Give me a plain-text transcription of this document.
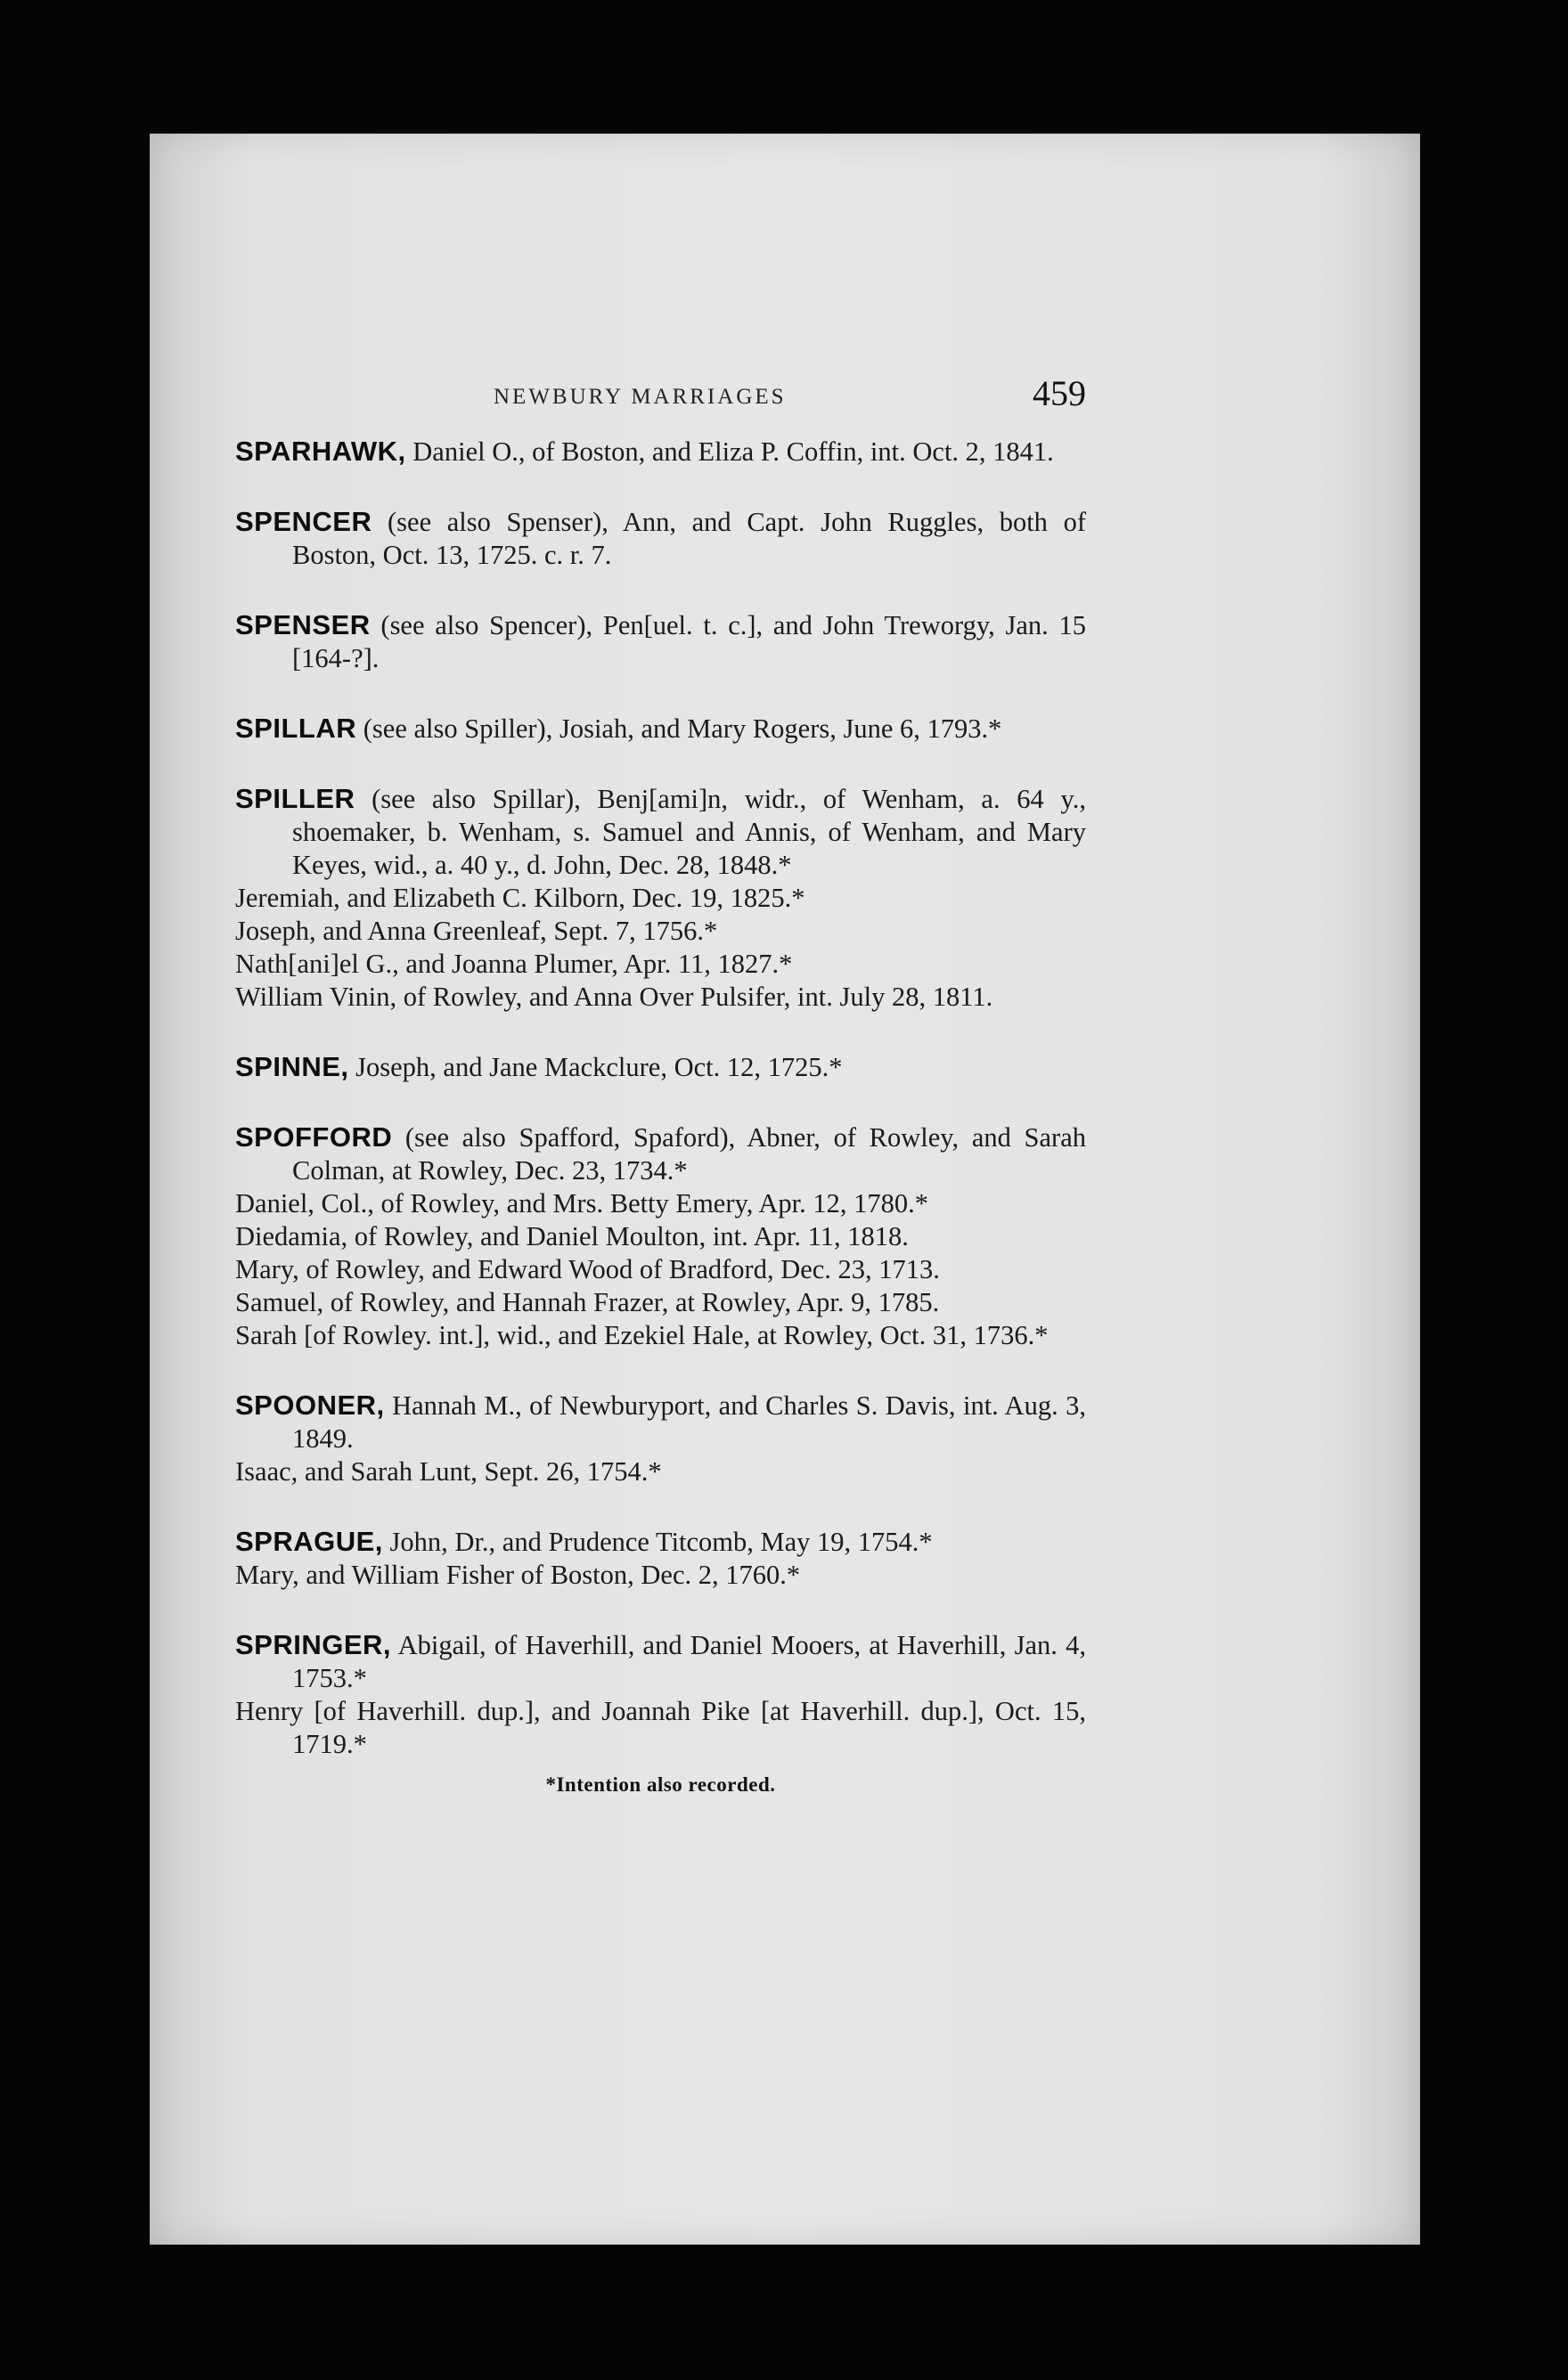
NEWBURY MARRIAGES	459
SPARHAWK, Daniel O., of Boston, and Eliza P. Coffin, int. Oct. 2, 1841.
SPENCER (see also Spenser), Ann, and Capt. John Ruggles, both of Boston, Oct. 13, 1725. c. r. 7.
SPENSER (see also Spencer), Pen[uel. t. c.], and John Treworgy, Jan. 15 [164-?].
SPILLAR (see also Spiller), Josiah, and Mary Rogers, June 6, 1793.*
SPILLER (see also Spillar), Benj[ami]n, widr., of Wenham, a. 64 y., shoemaker, b. Wenham, s. Samuel and Annis, of Wenham, and Mary Keyes, wid., a. 40 y., d. John, Dec. 28, 1848.*
Jeremiah, and Elizabeth C. Kilborn, Dec. 19, 1825.*
Joseph, and Anna Greenleaf, Sept. 7, 1756.*
Nath[ani]el G., and Joanna Plumer, Apr. 11, 1827.*
William Vinin, of Rowley, and Anna Over Pulsifer, int. July 28, 1811.
SPINNE, Joseph, and Jane Mackclure, Oct. 12, 1725.*
SPOFFORD (see also Spafford, Spaford), Abner, of Rowley, and Sarah Colman, at Rowley, Dec. 23, 1734.*
Daniel, Col., of Rowley, and Mrs. Betty Emery, Apr. 12, 1780.*
Diedamia, of Rowley, and Daniel Moulton, int. Apr. 11, 1818.
Mary, of Rowley, and Edward Wood of Bradford, Dec. 23, 1713.
Samuel, of Rowley, and Hannah Frazer, at Rowley, Apr. 9, 1785.
Sarah [of Rowley. int.], wid., and Ezekiel Hale, at Rowley, Oct. 31, 1736.*
SPOONER, Hannah M., of Newburyport, and Charles S. Davis, int. Aug. 3, 1849.
Isaac, and Sarah Lunt, Sept. 26, 1754.*
SPRAGUE, John, Dr., and Prudence Titcomb, May 19, 1754.*
Mary, and William Fisher of Boston, Dec. 2, 1760.*
SPRINGER, Abigail, of Haverhill, and Daniel Mooers, at Haverhill, Jan. 4, 1753.*
Henry [of Haverhill. dup.], and Joannah Pike [at Haverhill. dup.], Oct. 15, 1719.*
*Intention also recorded.
